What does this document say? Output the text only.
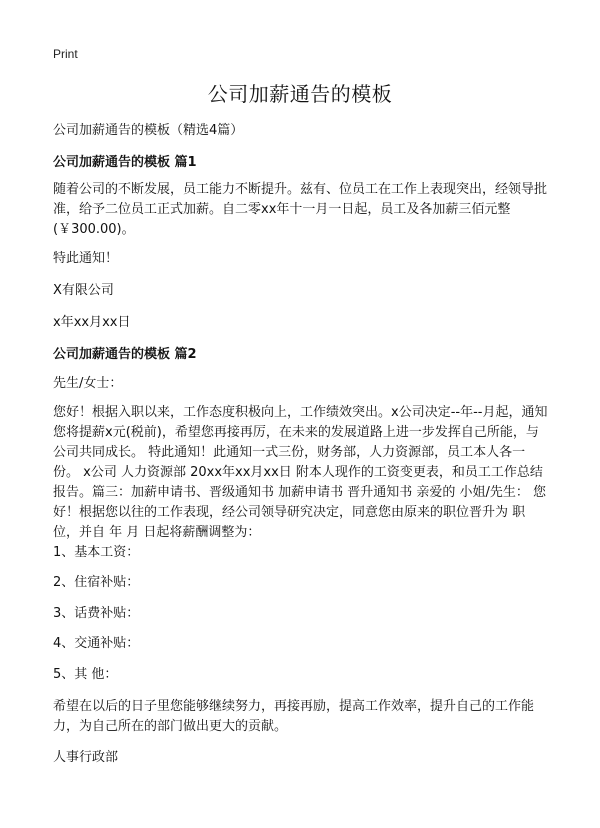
Print
公司加薪通告的模板

公司加薪通告的模板（精选4篇）

公司加薪通告的模板 篇1

随着公司的不断发展，员工能力不断提升。兹有、位员工在工作上表现突出，经领导批准，给予二位员工正式加薪。自二零xx年十一月一日起，员工及各加薪三佰元整(￥300.00)。

特此通知！

X有限公司

x年xx月xx日

公司加薪通告的模板 篇2

先生/女士：

您好！根据入职以来，工作态度积极向上，工作绩效突出。x公司决定--年--月起，通知您将提薪x元(税前)，希望您再接再厉，在未来的发展道路上进一步发挥自己所能，与公司共同成长。 特此通知！此通知一式三份，财务部，人力资源部，员工本人各一份。 x公司 人力资源部 20xx年xx月xx日 附本人现作的工资变更表，和员工工作总结报告。篇三：加薪申请书、晋级通知书 加薪申请书 晋升通知书 亲爱的 小姐/先生： 您好！根据您以往的工作表现，经公司领导研究决定，同意您由原来的职位晋升为 职位，并自 年 月 日起将薪酬调整为：

1、基本工资：

2、住宿补贴：

3、话费补贴：

4、交通补贴：

5、其 他：

希望在以后的日子里您能够继续努力，再接再励，提高工作效率，提升自己的工作能力，为自己所在的部门做出更大的贡献。

人事行政部
